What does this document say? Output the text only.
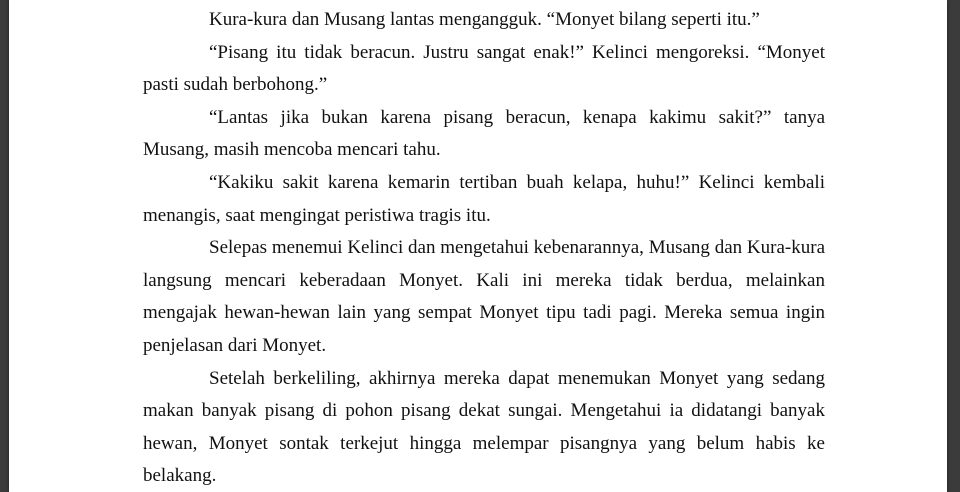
Kura-kura dan Musang lantas mengangguk. “Monyet bilang seperti itu.”

“Pisang itu tidak beracun. Justru sangat enak!” Kelinci mengoreksi. “Monyet pasti sudah berbohong.”

“Lantas jika bukan karena pisang beracun, kenapa kakimu sakit?” tanya Musang, masih mencoba mencari tahu.

“Kakiku sakit karena kemarin tertiban buah kelapa, huhu!” Kelinci kembali menangis, saat mengingat peristiwa tragis itu.

Selepas menemui Kelinci dan mengetahui kebenarannya, Musang dan Kura-kura langsung mencari keberadaan Monyet. Kali ini mereka tidak berdua, melainkan mengajak hewan-hewan lain yang sempat Monyet tipu tadi pagi. Mereka semua ingin penjelasan dari Monyet.

Setelah berkeliling, akhirnya mereka dapat menemukan Monyet yang sedang makan banyak pisang di pohon pisang dekat sungai. Mengetahui ia didatangi banyak hewan, Monyet sontak terkejut hingga melempar pisangnya yang belum habis ke belakang.
